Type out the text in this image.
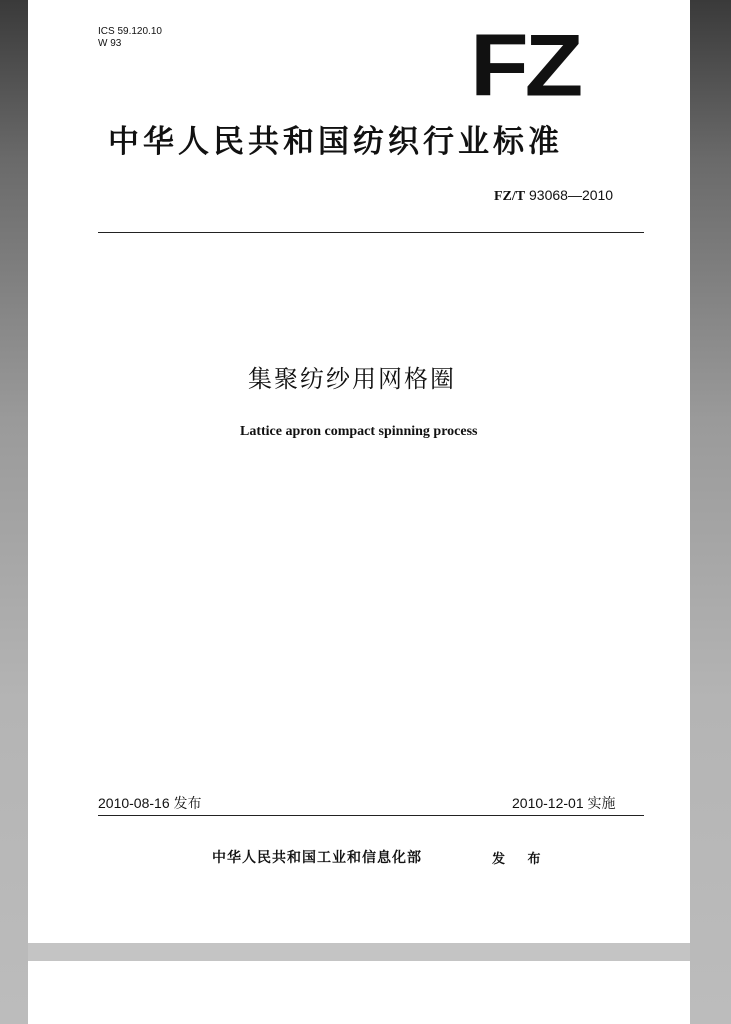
ICS 59.120.10
W 93	FZ
中华人民共和国纺织行业标准
FZ/T 93068—2010
集聚纺纱用网格圈
Lattice apron compact spinning process
2010-08-16 发布	2010-12-01 实施
中华人民共和国工业和信息化部	发 布
